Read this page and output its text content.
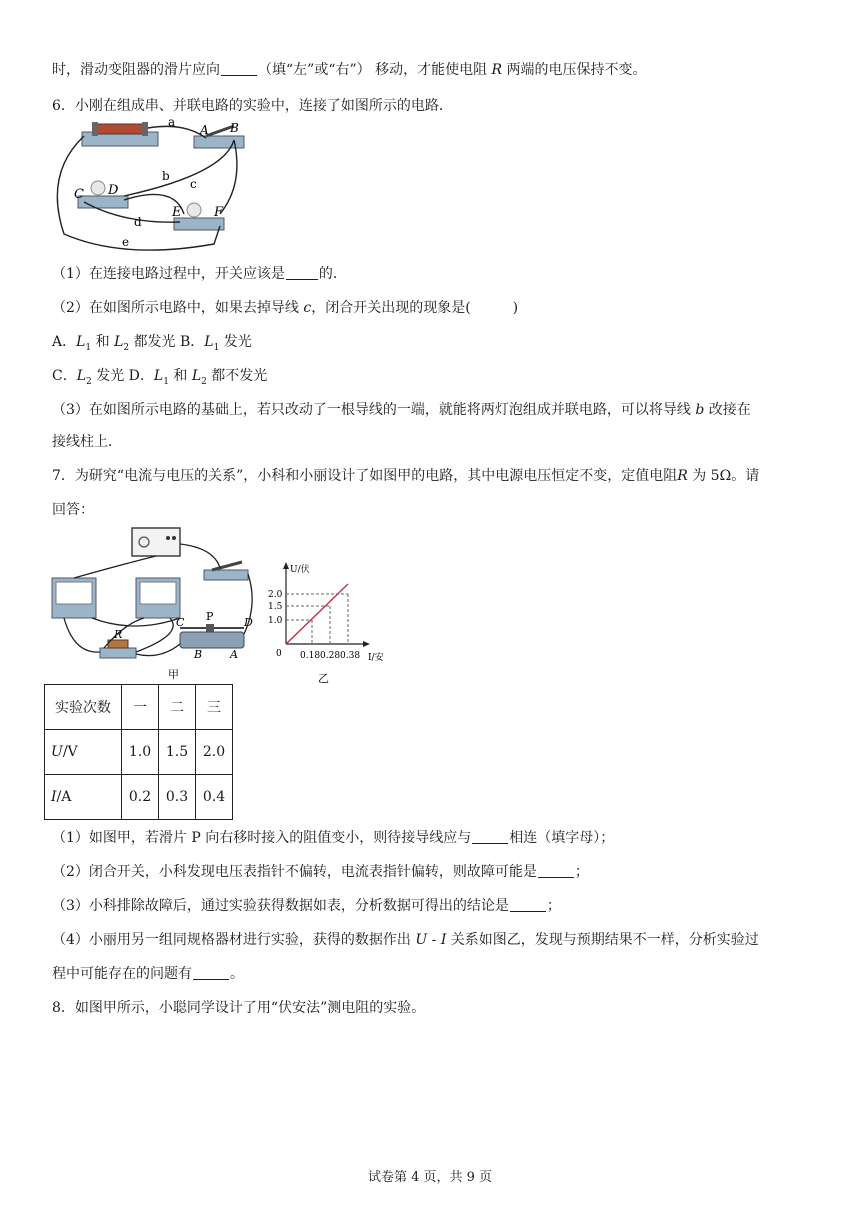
时，滑动变阻器的滑片应向	（填“左”或“右”） 移动，才能使电阻 R 两端的电压保持不变。
6．小刚在组成串、并联电路的实验中，连接了如图所示的电路．
a
A B
b
c
C D
d
E	F
e
（1）在连接电路过程中，开关应该是 的．
（2）在如图所示电路中，如果去掉导线 c，闭合开关出现的现象是(　　　)
A．$L_1$ 和 $L_2$ 都发光 B．$L_1$ 发光
C．$L_2$ 发光 D．$L_1$ 和 $L_2$ 都不发光
（3）在如图所示电路的基础上，若只改动了一根导线的一端，就能将两灯泡组成并联电路，可以将导线 b 改接在
接线柱上．
7．为研究“电流与电压的关系”，小科和小丽设计了如图甲的电路，其中电源电压恒定不变，定值电阻R 为 5Ω。请
回答：
R
C P	D
B	A
甲
U/伏
I/安
0
2.0
1.5
1.0
0.18 0.28 0.38
乙
实验次数	一	二	三
U/V	1.0	1.5	2.0
I/A	0.2	0.3	0.4
（1）如图甲，若滑片 P 向右移时接入的阻值变小，则待接导线应与	相连（填字母）；
（2）闭合开关，小科发现电压表指针不偏转，电流表指针偏转，则故障可能是	；
（3）小科排除故障后，通过实验获得数据如表，分析数据可得出的结论是	；
（4）小丽用另一组同规格器材进行实验，获得的数据作出 U - I 关系如图乙，发现与预期结果不一样，分析实验过
程中可能存在的问题有	。
8．如图甲所示，小聪同学设计了用“伏安法”测电阻的实验。
试卷第 4 页，共 9 页
